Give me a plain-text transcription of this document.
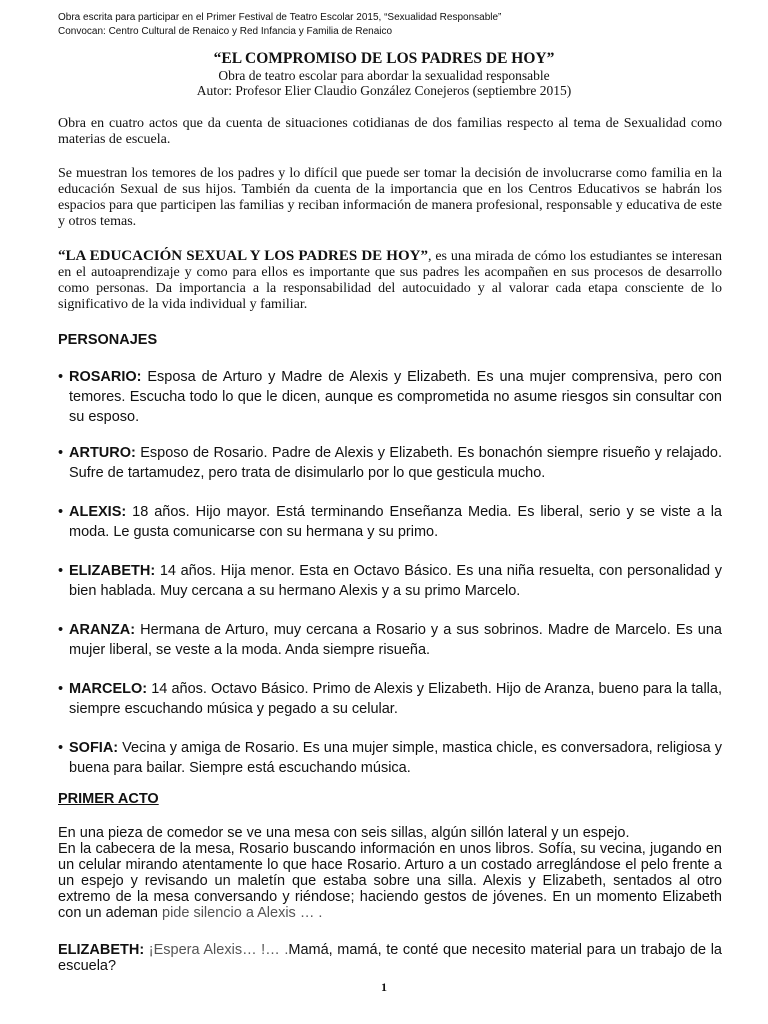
Obra escrita para participar en el Primer Festival de Teatro Escolar 2015, “Sexualidad Responsable”
Convocan: Centro Cultural de Renaico y Red Infancia y Familia de Renaico
“EL COMPROMISO DE LOS PADRES DE HOY”
Obra de teatro escolar para abordar la sexualidad responsable
Autor: Profesor Elier Claudio González Conejeros (septiembre 2015)
Obra en cuatro actos que da cuenta de situaciones cotidianas de dos familias respecto al tema de Sexualidad como materias de escuela.
Se muestran los temores de los padres y lo difícil que puede ser tomar la decisión de involucrarse como familia en la educación Sexual de sus hijos. También da cuenta de la importancia que en los Centros Educativos se habrán los espacios para que participen las familias y reciban información de manera profesional, responsable y educativa de este y otros temas.
“LA EDUCACIÓN SEXUAL Y LOS PADRES DE HOY”, es una mirada de cómo los estudiantes se interesan en el autoaprendizaje y como para ellos es importante que sus padres les acompañen en sus procesos de desarrollo como personas. Da importancia a la responsabilidad del autocuidado y al valorar cada etapa consciente de lo significativo de la vida individual y familiar.
PERSONAJES
• ROSARIO: Esposa de Arturo y Madre de Alexis y Elizabeth. Es una mujer comprensiva, pero con temores. Escucha todo lo que le dicen, aunque es comprometida no asume riesgos sin consultar con su esposo.
• ARTURO: Esposo de Rosario. Padre de Alexis y Elizabeth. Es bonachón siempre risueño y relajado. Sufre de tartamudez, pero trata de disimularlo por lo que gesticula mucho.
• ALEXIS: 18 años. Hijo mayor. Está terminando Enseñanza Media. Es liberal, serio y se viste a la moda. Le gusta comunicarse con su hermana y su primo.
• ELIZABETH: 14 años. Hija menor. Esta en Octavo Básico. Es una niña resuelta, con personalidad y bien hablada. Muy cercana a su hermano Alexis y a su primo Marcelo.
• ARANZA: Hermana de Arturo, muy cercana a Rosario y a sus sobrinos. Madre de Marcelo. Es una mujer liberal, se veste a la moda. Anda siempre risueña.
• MARCELO: 14 años. Octavo Básico. Primo de Alexis y Elizabeth. Hijo de Aranza, bueno para la talla, siempre escuchando música y pegado a su celular.
• SOFIA: Vecina y amiga de Rosario. Es una mujer simple, mastica chicle, es conversadora, religiosa y buena para bailar. Siempre está escuchando música.
PRIMER ACTO
En una pieza de comedor se ve una mesa con seis sillas, algún sillón lateral y un espejo.
En la cabecera de la mesa, Rosario buscando información en unos libros. Sofía, su vecina, jugando en un celular mirando atentamente lo que hace Rosario. Arturo a un costado arreglándose el pelo frente a un espejo y revisando un maletín que estaba sobre una silla. Alexis y Elizabeth, sentados al otro extremo de la mesa conversando y riéndose; haciendo gestos de jóvenes. En un momento Elizabeth con un ademan pide silencio a Alexis … .
ELIZABETH: ¡Espera Alexis… !… .Mamá, mamá, te conté que necesito material para un trabajo de la escuela?
1
